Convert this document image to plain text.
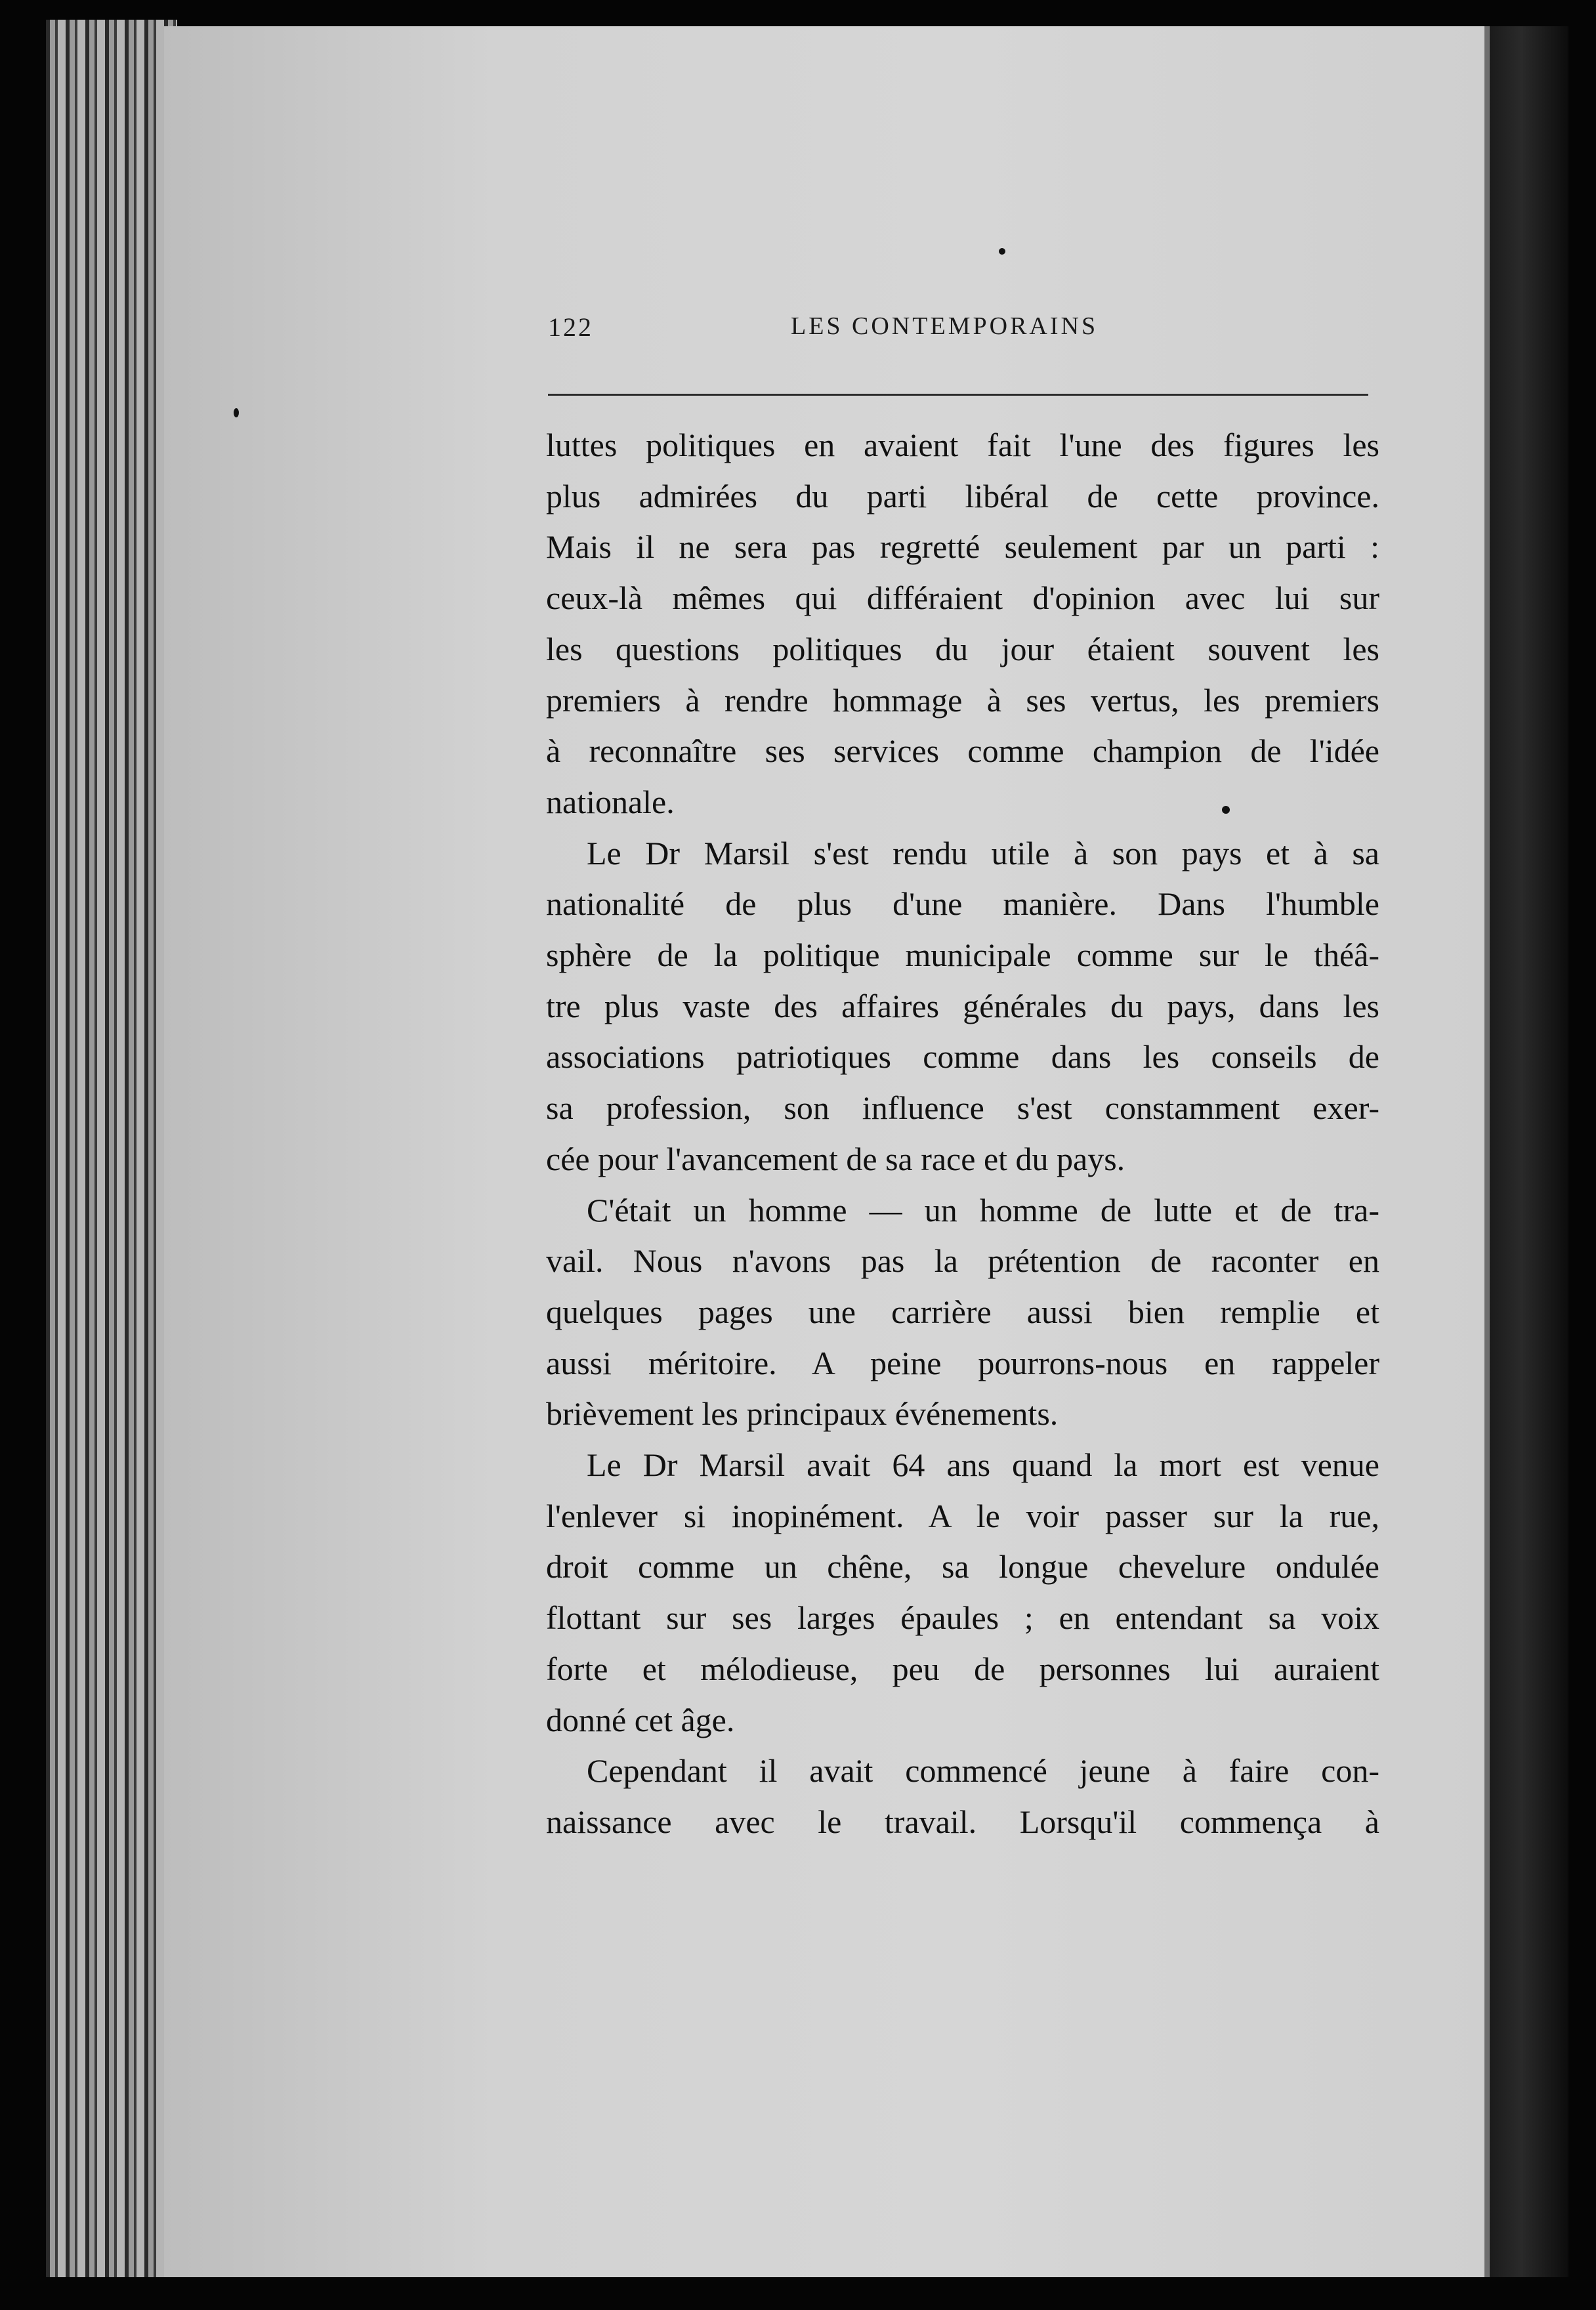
122	LES CONTEMPORAINS

luttes politiques en avaient fait l'une des figures les

plus admirées du parti libéral de cette province.

Mais il ne sera pas regretté seulement par un parti :

ceux-là mêmes qui différaient d'opinion avec lui sur

les questions politiques du jour étaient souvent les

premiers à rendre hommage à ses vertus, les premiers

à reconnaître ses services comme champion de l'idée

nationale.

Le Dr Marsil s'est rendu utile à son pays et à sa

nationalité de plus d'une manière. Dans l'humble

sphère de la politique municipale comme sur le théâ-

tre plus vaste des affaires générales du pays, dans les

associations patriotiques comme dans les conseils de

sa profession, son influence s'est constamment exer-

cée pour l'avancement de sa race et du pays.

C'était un homme — un homme de lutte et de tra-

vail. Nous n'avons pas la prétention de raconter en

quelques pages une carrière aussi bien remplie et

aussi méritoire. A peine pourrons-nous en rappeler

brièvement les principaux événements.

Le Dr Marsil avait 64 ans quand la mort est venue

l'enlever si inopinément. A le voir passer sur la rue,

droit comme un chêne, sa longue chevelure ondulée

flottant sur ses larges épaules ; en entendant sa voix

forte et mélodieuse, peu de personnes lui auraient

donné cet âge.

Cependant il avait commencé jeune à faire con-

naissance avec le travail. Lorsqu'il commença à
